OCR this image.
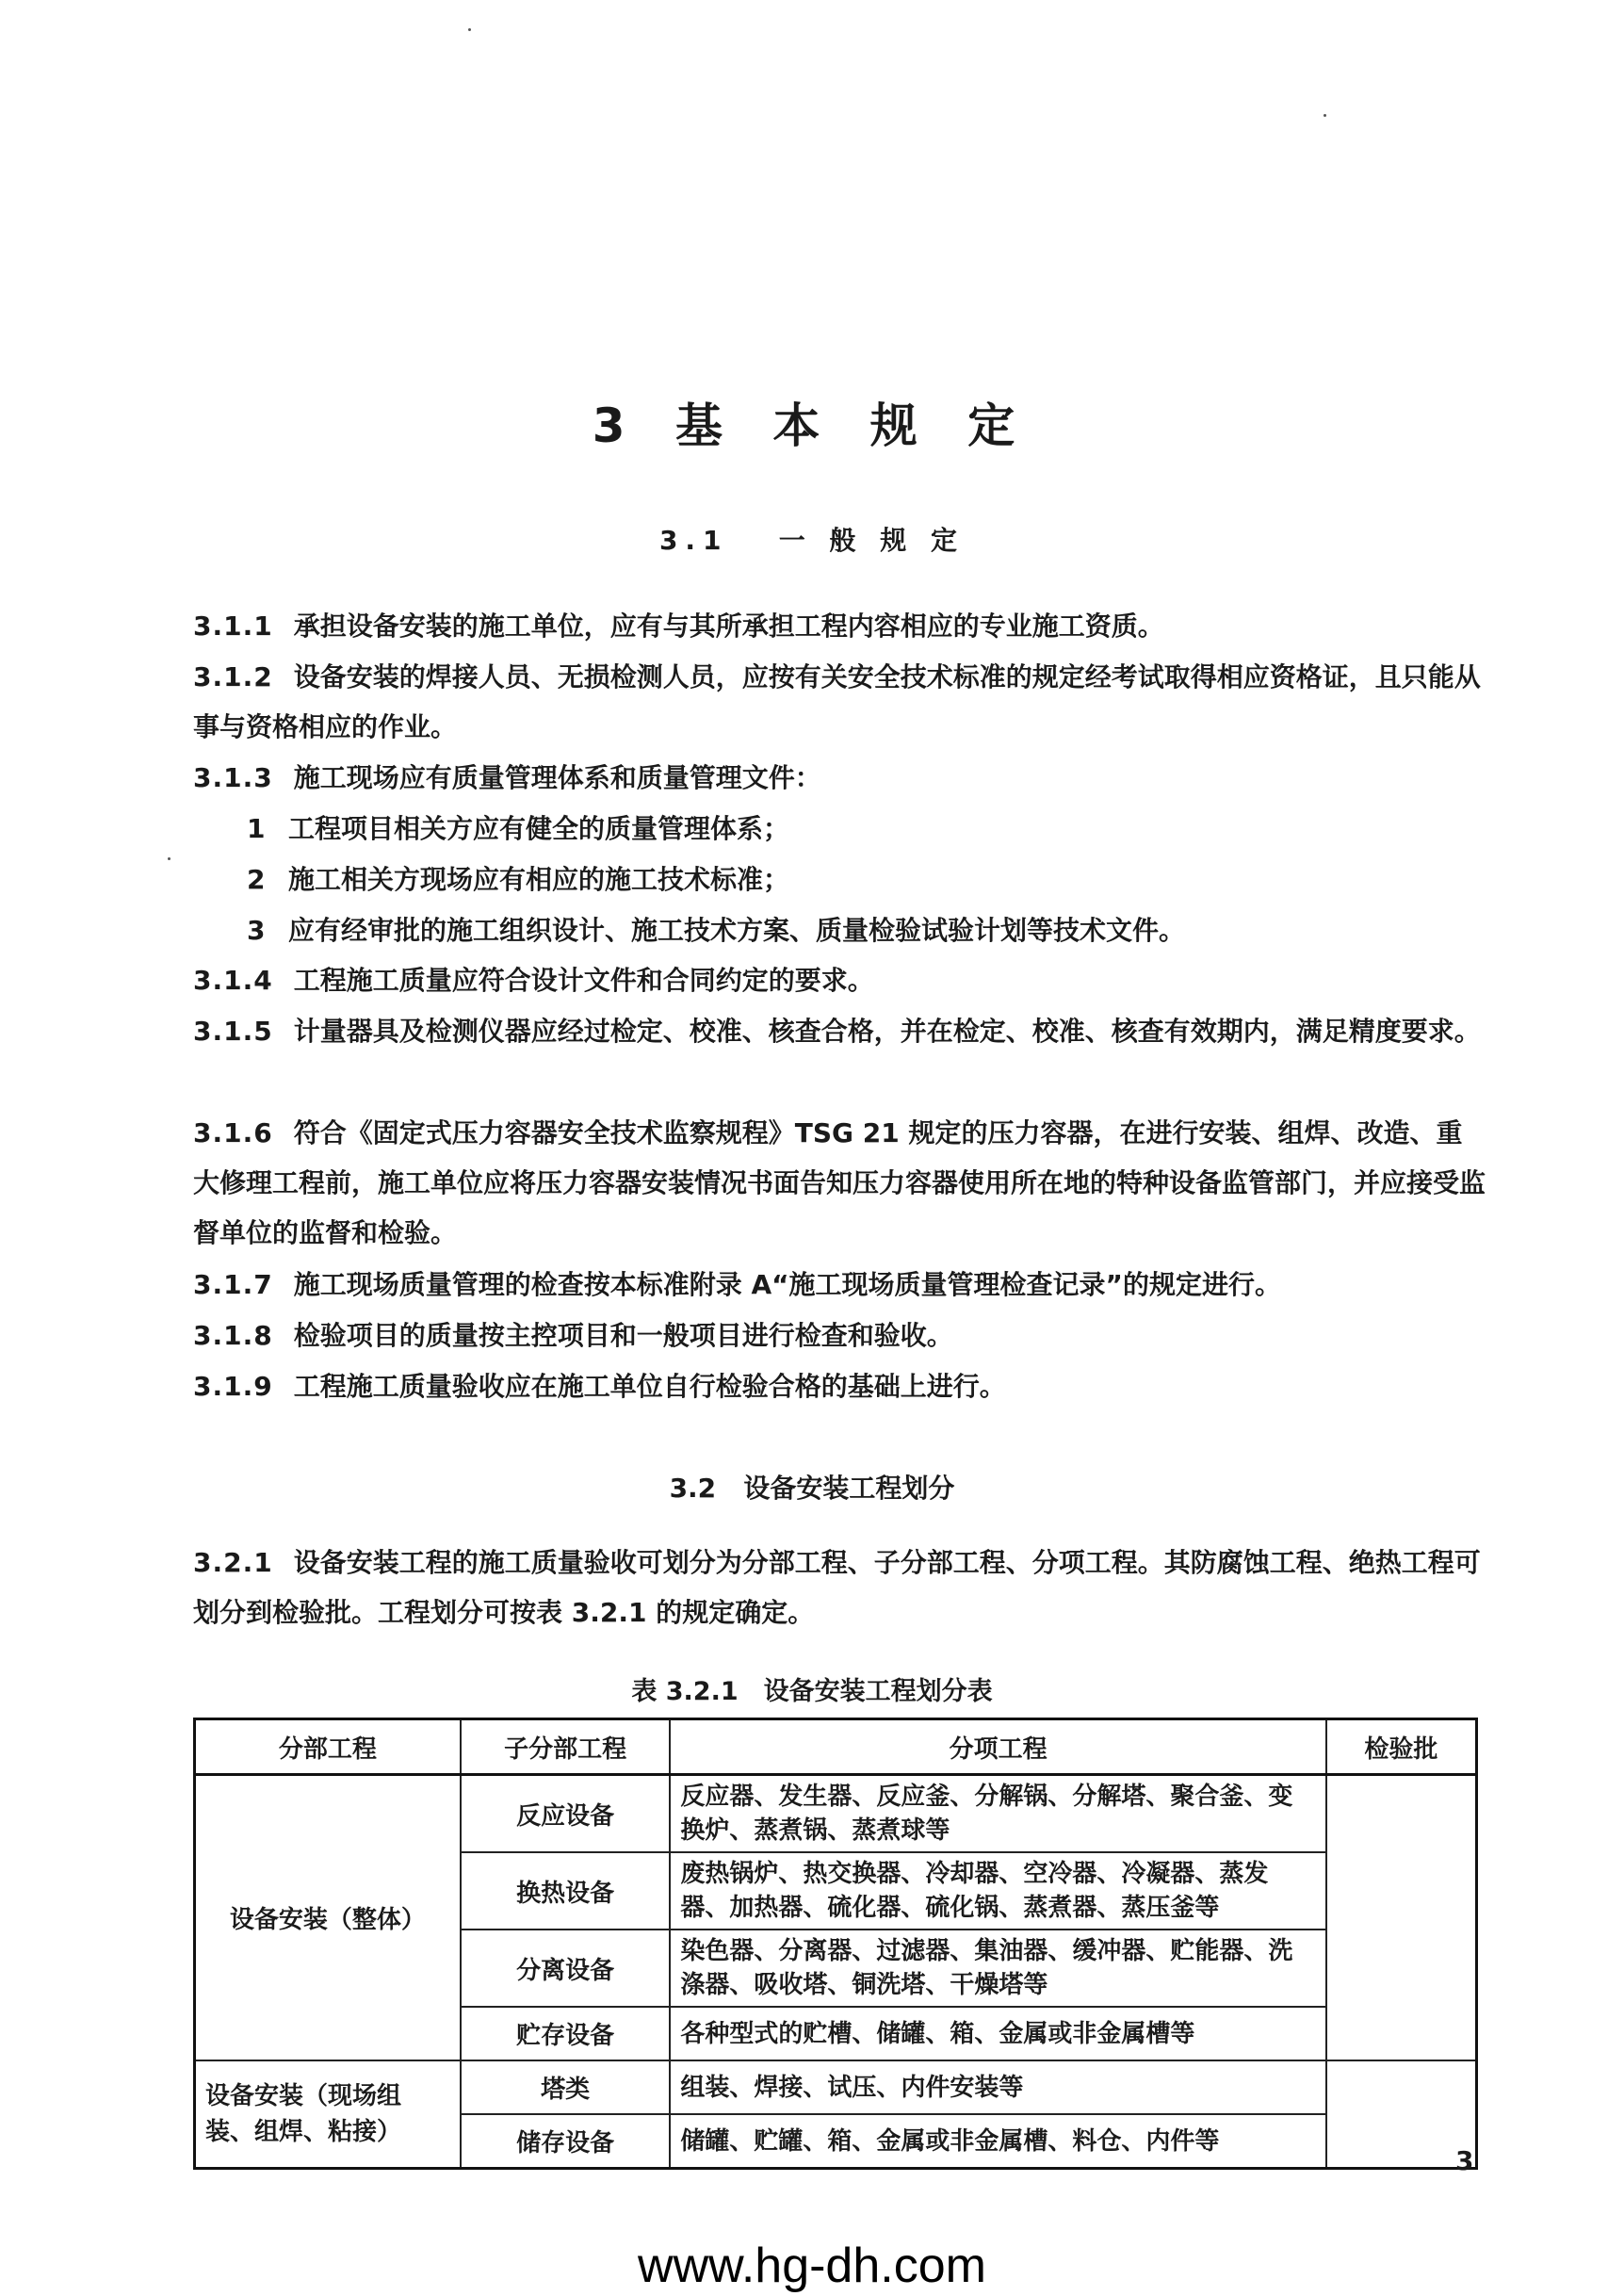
3 基 本 规 定
3.1 一 般 规 定
3.1.1 承担设备安装的施工单位，应有与其所承担工程内容相应的专业施工资质。
3.1.2 设备安装的焊接人员、无损检测人员，应按有关安全技术标准的规定经考试取得相应资格证，且只能从事与资格相应的作业。
3.1.3 施工现场应有质量管理体系和质量管理文件：
1 工程项目相关方应有健全的质量管理体系；
2 施工相关方现场应有相应的施工技术标准；
3 应有经审批的施工组织设计、施工技术方案、质量检验试验计划等技术文件。
3.1.4 工程施工质量应符合设计文件和合同约定的要求。
3.1.5 计量器具及检测仪器应经过检定、校准、核查合格，并在检定、校准、核查有效期内，满足精度要求。
3.1.6 符合《固定式压力容器安全技术监察规程》TSG 21 规定的压力容器，在进行安装、组焊、改造、重大修理工程前，施工单位应将压力容器安装情况书面告知压力容器使用所在地的特种设备监管部门，并应接受监督单位的监督和检验。
3.1.7 施工现场质量管理的检查按本标准附录 A“施工现场质量管理检查记录”的规定进行。
3.1.8 检验项目的质量按主控项目和一般项目进行检查和验收。
3.1.9 工程施工质量验收应在施工单位自行检验合格的基础上进行。
3.2 设备安装工程划分
3.2.1 设备安装工程的施工质量验收可划分为分部工程、子分部工程、分项工程。其防腐蚀工程、绝热工程可划分到检验批。工程划分可按表 3.2.1 的规定确定。
表 3.2.1　设备安装工程划分表
分部工程	子分部工程	分项工程	检验批
设备安装（整体）	反应设备	反应器、发生器、反应釜、分解锅、分解塔、聚合釜、变换炉、蒸煮锅、蒸煮球等	
	换热设备	废热锅炉、热交换器、冷却器、空冷器、冷凝器、蒸发器、加热器、硫化器、硫化锅、蒸煮器、蒸压釜等	
	分离设备	染色器、分离器、过滤器、集油器、缓冲器、贮能器、洗涤器、吸收塔、铜洗塔、干燥塔等	
	贮存设备	各种型式的贮槽、储罐、箱、金属或非金属槽等	
设备安装（现场组装、组焊、粘接）	塔类	组装、焊接、试压、内件安装等	
	储存设备	储罐、贮罐、箱、金属或非金属槽、料仓、内件等	
3
www.hg-dh.com
